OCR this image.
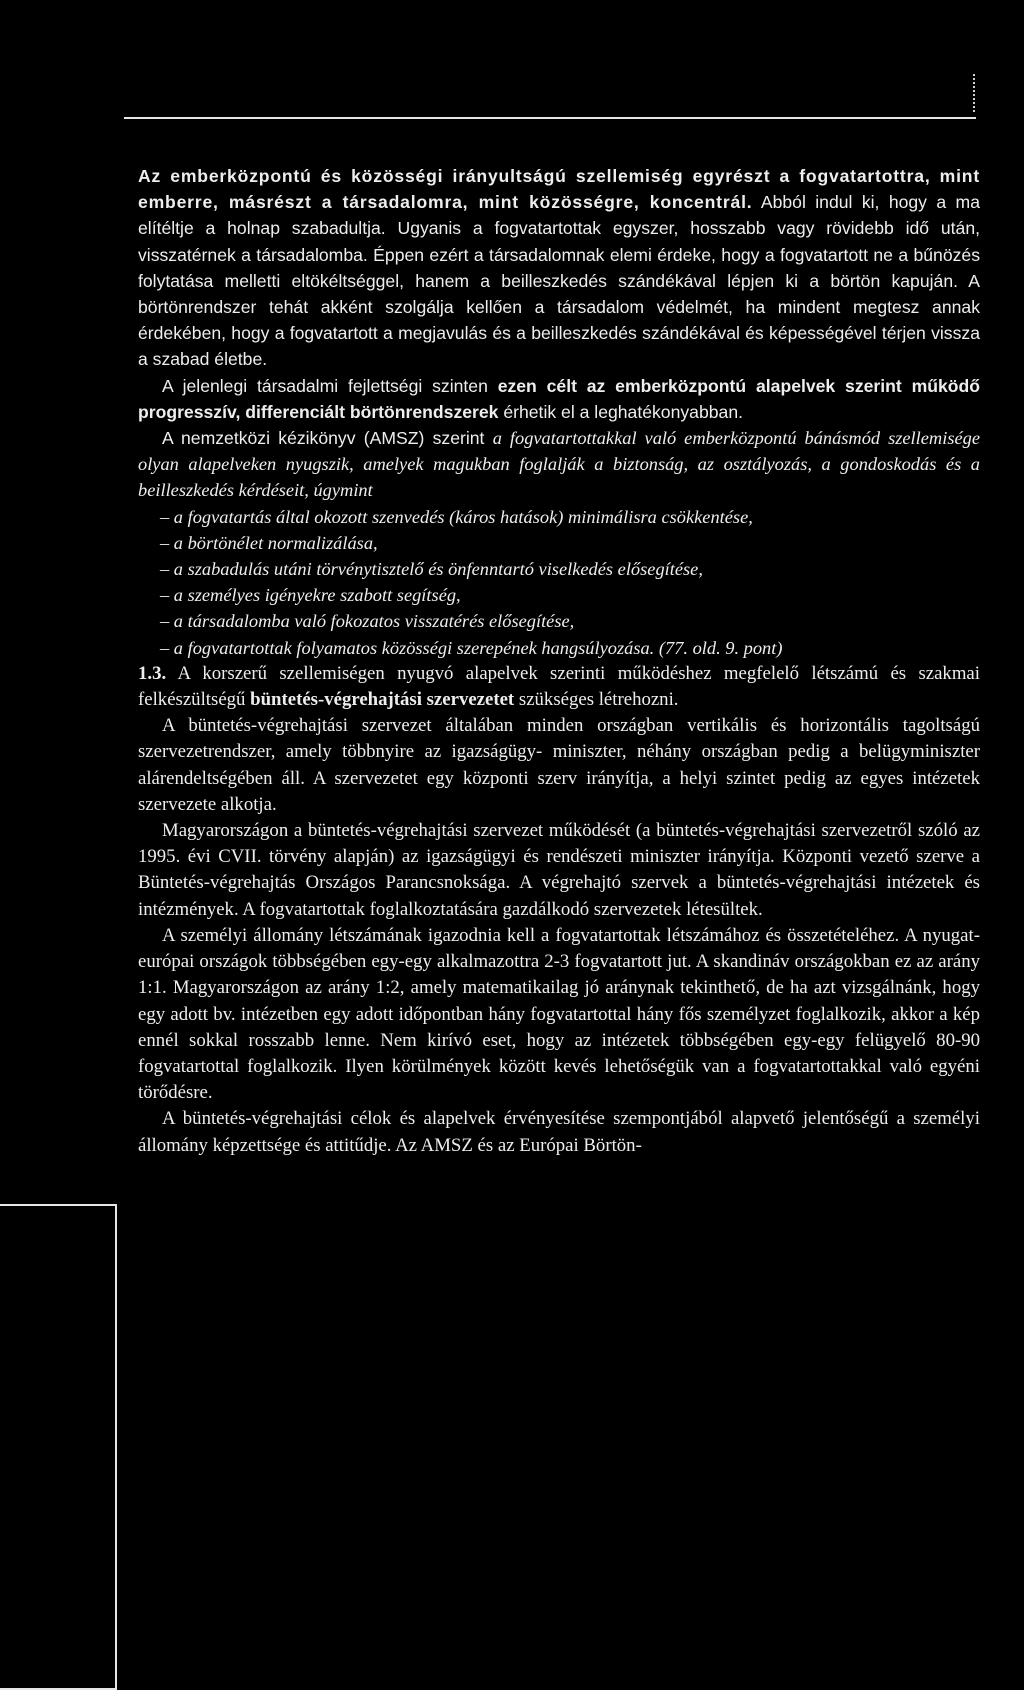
Az emberközpontú és közösségi irányultságú szellemiség egyrészt a fogvatartottra, mint emberre, másrészt a társadalomra, mint közösségre, koncentrál. Abból indul ki, hogy a ma elítéltje a holnap szabadultja. Ugyanis a fogvatartottak egyszer, hosszabb vagy rövidebb idő után, visszatérnek a társadalomba. Éppen ezért a társadalomnak elemi érdeke, hogy a fogvatartott ne a bűnözés folytatása melletti eltökéltséggel, hanem a beilleszkedés szándékával lépjen ki a börtön kapuján. A börtönrendszer tehát akként szolgálja kellően a társadalom védelmét, ha mindent megtesz annak érdekében, hogy a fogvatartott a megjavulás és a beilleszkedés szándékával és képességével térjen vissza a szabad életbe.

A jelenlegi társadalmi fejlettségi szinten ezen célt az emberközpontú alapelvek szerint működő progresszív, differenciált börtönrendszerek érhetik el a leghatékonyabban.

A nemzetközi kézikönyv (AMSZ) szerint a fogvatartottakkal való emberközpontú bánásmód szellemisége olyan alapelveken nyugszik, amelyek magukban foglalják a biztonság, az osztályozás, a gondoskodás és a beilleszkedés kérdéseit, úgymint

– a fogvatartás által okozott szenvedés (káros hatások) minimálisra csökkentése,

– a börtönélet normalizálása,

– a szabadulás utáni törvénytisztelő és önfenntartó viselkedés elősegítése,

– a személyes igényekre szabott segítség,

– a társadalomba való fokozatos visszatérés elősegítése,

– a fogvatartottak folyamatos közösségi szerepének hangsúlyozása. (77. old. 9. pont)

1.3. A korszerű szellemiségen nyugvó alapelvek szerinti működéshez megfelelő létszámú és szakmai felkészültségű büntetés-végrehajtási szervezetet szükséges létrehozni.

A büntetés-végrehajtási szervezet általában minden országban vertikális és horizontális tagoltságú szervezetrendszer, amely többnyire az igazságügy- miniszter, néhány országban pedig a belügyminiszter alárendeltségében áll. A szervezetet egy központi szerv irányítja, a helyi szintet pedig az egyes intézetek szervezete alkotja.

Magyarországon a büntetés-végrehajtási szervezet működését (a büntetés-végrehajtási szervezetről szóló az 1995. évi CVII. törvény alapján) az igazságügyi és rendészeti miniszter irányítja. Központi vezető szerve a Büntetés-végrehajtás Országos Parancsnoksága. A végrehajtó szervek a büntetés-végrehajtási intézetek és intézmények. A fogvatartottak foglalkoztatására gazdálkodó szervezetek létesültek.

A személyi állomány létszámának igazodnia kell a fogvatartottak létszámához és összetételéhez. A nyugat-európai országok többségében egy-egy alkalmazottra 2-3 fogvatartott jut. A skandináv országokban ez az arány 1:1. Magyarországon az arány 1:2, amely matematikailag jó aránynak tekinthető, de ha azt vizsgálnánk, hogy egy adott bv. intézetben egy adott időpontban hány fogvatartottal hány fős személyzet foglalkozik, akkor a kép ennél sokkal rosszabb lenne. Nem kirívó eset, hogy az intézetek többségében egy-egy felügyelő 80-90 fogvatartottal foglalkozik. Ilyen körülmények között kevés lehetőségük van a fogvatartottakkal való egyéni törődésre.

A büntetés-végrehajtási célok és alapelvek érvényesítése szempontjából alapvető jelentőségű a személyi állomány képzettsége és attitűdje. Az AMSZ és az Európai Börtön-
